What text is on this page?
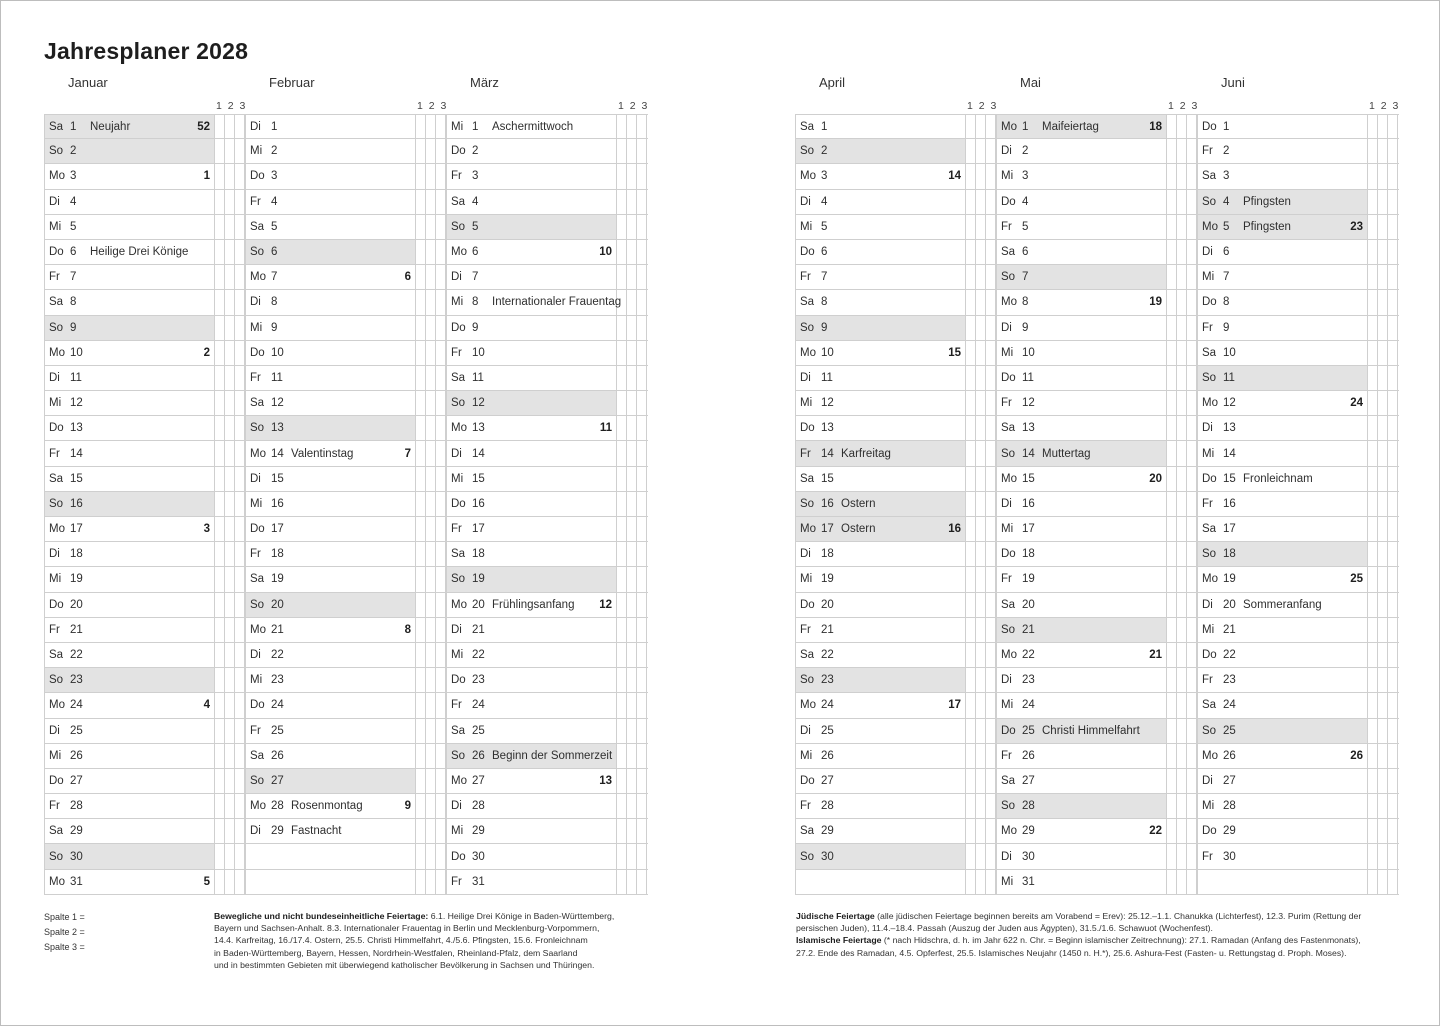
Jahresplaner 2028
Januar
1 2 3
Sa 1 Neujahr	52
So 2
Mo 3	1
Di 4
Mi 5
Do 6 Heilige Drei Könige
Fr 7
Sa 8
So 9
Mo 10	2
Di 11
Mi 12
Do 13
Fr 14
Sa 15
So 16
Mo 17	3
Di 18
Mi 19
Do 20
Fr 21
Sa 22
So 23
Mo 24	4
Di 25
Mi 26
Do 27
Fr 28
Sa 29
So 30
Mo 31	5
Februar
1 2 3
Di 1
Mi 2
Do 3
Fr 4
Sa 5
So 6
Mo 7	6
Di 8
Mi 9
Do 10
Fr 11
Sa 12
So 13
Mo 14 Valentinstag	7
Di 15
Mi 16
Do 17
Fr 18
Sa 19
So 20
Mo 21	8
Di 22
Mi 23
Do 24
Fr 25
Sa 26
So 27
Mo 28 Rosenmontag	9
Di 29 Fastnacht
März
1 2 3
Mi 1 Aschermittwoch
Do 2
Fr 3
Sa 4
So 5
Mo 6	10
Di 7
Mi 8 Internationaler Frauentag
Do 9
Fr 10
Sa 11
So 12
Mo 13	11
Di 14
Mi 15
Do 16
Fr 17
Sa 18
So 19
Mo 20 Frühlingsanfang 12
Di 21
Mi 22
Do 23
Fr 24
Sa 25
So 26 Beginn der Sommerzeit
Mo 27	13
Di 28
Mi 29
Do 30
Fr 31
April
1 2 3
Sa 1
So 2
Mo 3	14
Di 4
Mi 5
Do 6
Fr 7
Sa 8
So 9
Mo 10	15
Di 11
Mi 12
Do 13
Fr 14 Karfreitag
Sa 15
So 16 Ostern
Mo 17 Ostern	16
Di 18
Mi 19
Do 20
Fr 21
Sa 22
So 23
Mo 24	17
Di 25
Mi 26
Do 27
Fr 28
Sa 29
So 30
Mai
1 2 3
Mo 1 Maifeiertag	18
Di 2
Mi 3
Do 4
Fr 5
Sa 6
So 7
Mo 8	19
Di 9
Mi 10
Do 11
Fr 12
Sa 13
So 14 Muttertag
Mo 15	20
Di 16
Mi 17
Do 18
Fr 19
Sa 20
So 21
Mo 22	21
Di 23
Mi 24
Do 25 Christi Himmelfahrt
Fr 26
Sa 27
So 28
Mo 29	22
Di 30
Mi 31
Juni
1 2 3
Do 1
Fr 2
Sa 3
So 4 Pfingsten
Mo 5 Pfingsten	23
Di 6
Mi 7
Do 8
Fr 9
Sa 10
So 11
Mo 12	24
Di 13
Mi 14
Do 15 Fronleichnam
Fr 16
Sa 17
So 18
Mo 19	25
Di 20 Sommeranfang
Mi 21
Do 22
Fr 23
Sa 24
So 25
Mo 26	26
Di 27
Mi 28
Do 29
Fr 30
Spalte 1 =
Spalte 2 =
Spalte 3 =
Bewegliche und nicht bundeseinheitliche Feiertage: 6.1. Heilige Drei Könige in Baden-Württemberg,
Bayern und Sachsen-Anhalt. 8.3. Internationaler Frauentag in Berlin und Mecklenburg-Vorpommern,
14.4. Karfreitag, 16./17.4. Ostern, 25.5. Christi Himmelfahrt, 4./5.6. Pfingsten, 15.6. Fronleichnam
in Baden-Württemberg, Bayern, Hessen, Nordrhein-Westfalen, Rheinland-Pfalz, dem Saarland
und in bestimmten Gebieten mit überwiegend katholischer Bevölkerung in Sachsen und Thüringen.
Jüdische Feiertage (alle jüdischen Feiertage beginnen bereits am Vorabend = Erev): 25.12.–1.1. Chanukka (Lichterfest), 12.3. Purim (Rettung der
persischen Juden), 11.4.–18.4. Passah (Auszug der Juden aus Ägypten), 31.5./1.6. Schawuot (Wochenfest).
Islamische Feiertage (* nach Hidschra, d. h. im Jahr 622 n. Chr. = Beginn islamischer Zeitrechnung): 27.1. Ramadan (Anfang des Fastenmonats),
27.2. Ende des Ramadan, 4.5. Opferfest, 25.5. Islamisches Neujahr (1450 n. H.*), 25.6. Ashura-Fest (Fasten- u. Rettungstag d. Proph. Moses).
